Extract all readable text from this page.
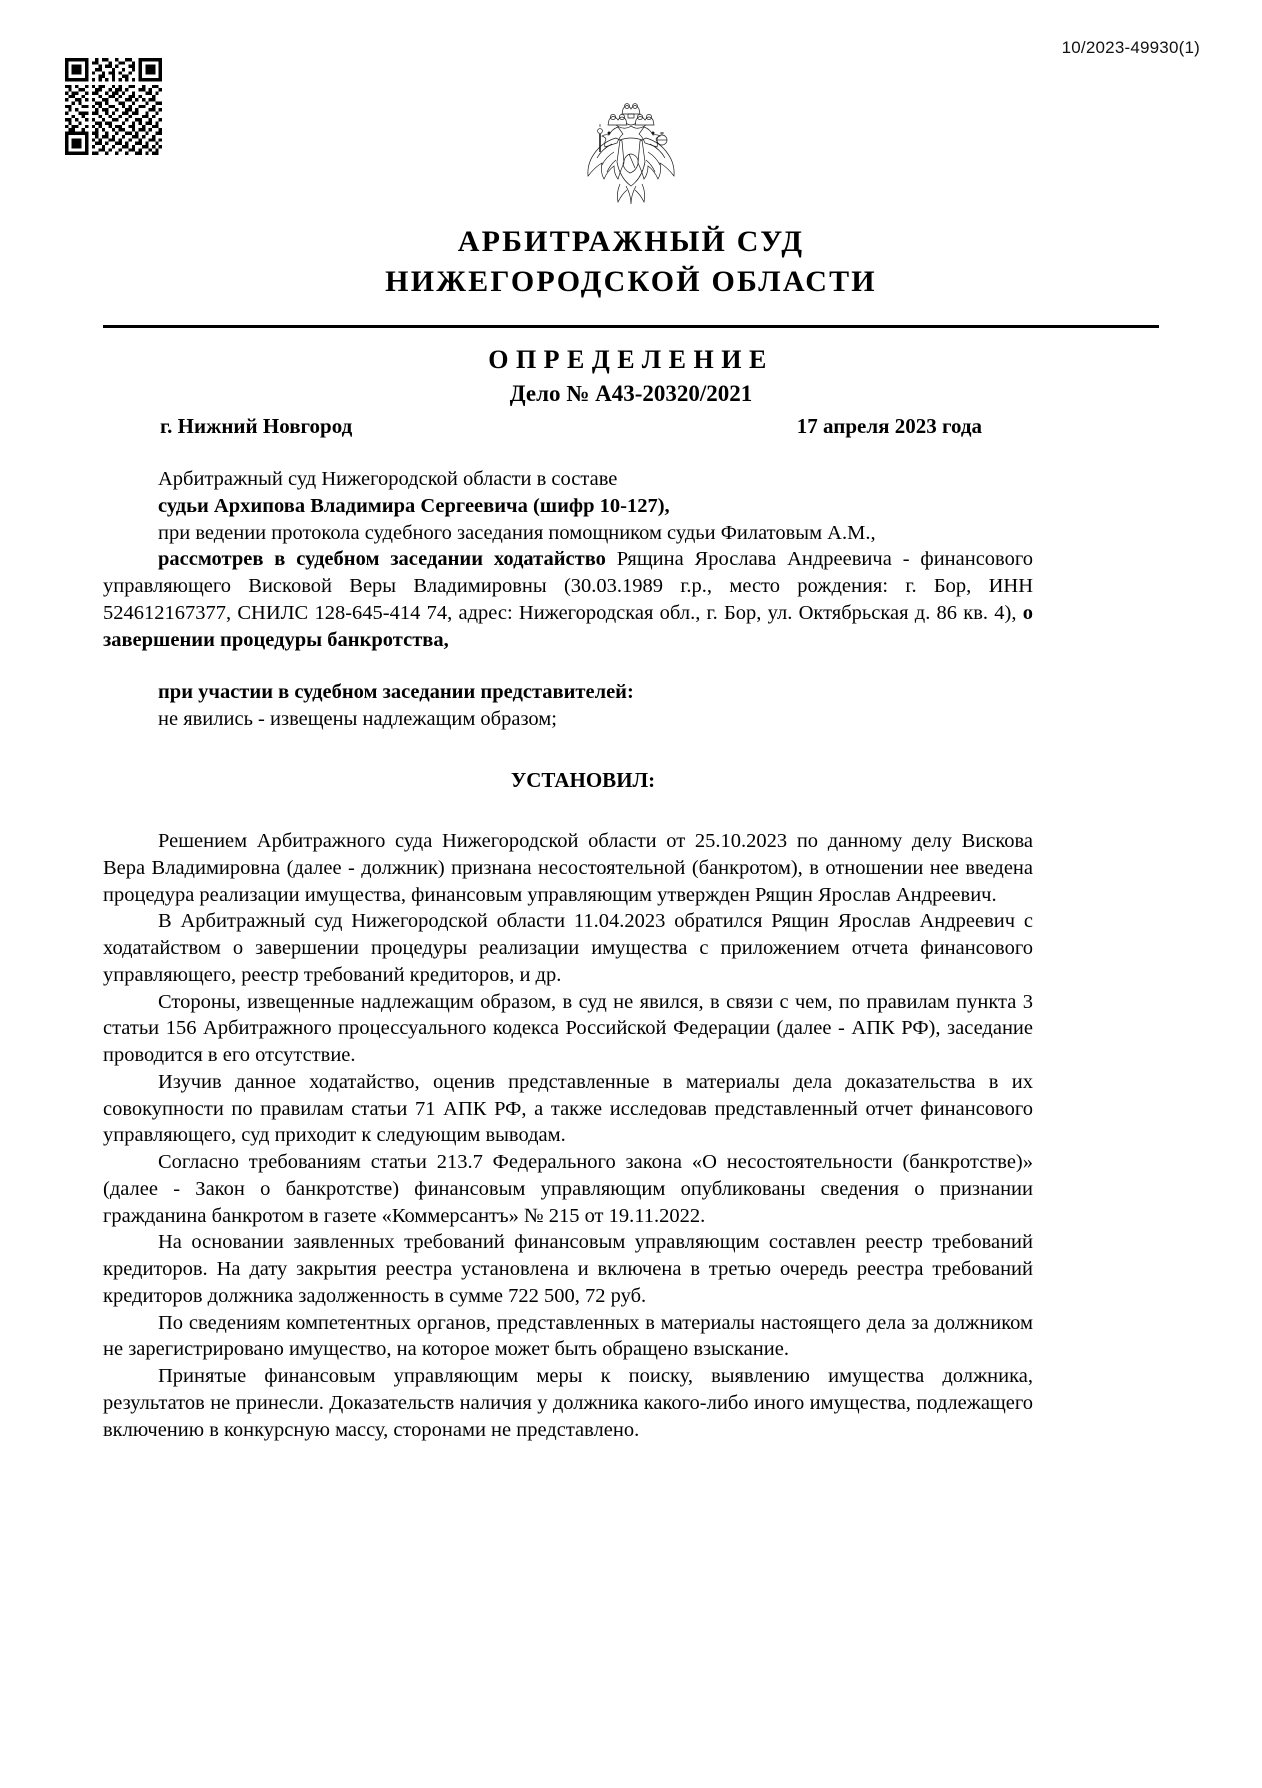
10/2023-49930(1)
АРБИТРАЖНЫЙ СУД
НИЖЕГОРОДСКОЙ ОБЛАСТИ
ОПРЕДЕЛЕНИЕ
Дело № А43-20320/2021
г. Нижний Новгород	17 апреля 2023 года

Арбитражный суд Нижегородской области в составе

судьи Архипова Владимира Сергеевича (шифр 10-127),

при ведении протокола судебного заседания помощником судьи Филатовым А.М.,

рассмотрев в судебном заседании ходатайство Рящина Ярослава Андреевича - финансового управляющего Висковой Веры Владимировны (30.03.1989 г.р., место рождения: г. Бор, ИНН 524612167377, СНИЛС 128-645-414 74, адрес: Нижегородская обл., г. Бор, ул. Октябрьская д. 86 кв. 4), о завершении процедуры банкротства,

при участии в судебном заседании представителей:

не явились - извещены надлежащим образом;

УСТАНОВИЛ:

Решением Арбитражного суда Нижегородской области от 25.10.2023 по данному делу Вискова Вера Владимировна (далее - должник) признана несостоятельной (банкротом), в отношении нее введена процедура реализации имущества, финансовым управляющим утвержден Рящин Ярослав Андреевич.

В Арбитражный суд Нижегородской области 11.04.2023 обратился Рящин Ярослав Андреевич с ходатайством о завершении процедуры реализации имущества с приложением отчета финансового управляющего, реестр требований кредиторов, и др.

Стороны, извещенные надлежащим образом, в суд не явился, в связи с чем, по правилам пункта 3 статьи 156 Арбитражного процессуального кодекса Российской Федерации (далее - АПК РФ), заседание проводится в его отсутствие.

Изучив данное ходатайство, оценив представленные в материалы дела доказательства в их совокупности по правилам статьи 71 АПК РФ, а также исследовав представленный отчет финансового управляющего, суд приходит к следующим выводам.

Согласно требованиям статьи 213.7 Федерального закона «О несостоятельности (банкротстве)» (далее - Закон о банкротстве) финансовым управляющим опубликованы сведения о признании гражданина банкротом в газете «Коммерсантъ» № 215 от 19.11.2022.

На основании заявленных требований финансовым управляющим составлен реестр требований кредиторов. На дату закрытия реестра установлена и включена в третью очередь реестра требований кредиторов должника задолженность в сумме 722 500, 72 руб.

По сведениям компетентных органов, представленных в материалы настоящего дела за должником не зарегистрировано имущество, на которое может быть обращено взыскание.

Принятые финансовым управляющим меры к поиску, выявлению имущества должника, результатов не принесли. Доказательств наличия у должника какого-либо иного имущества, подлежащего включению в конкурсную массу, сторонами не представлено.
